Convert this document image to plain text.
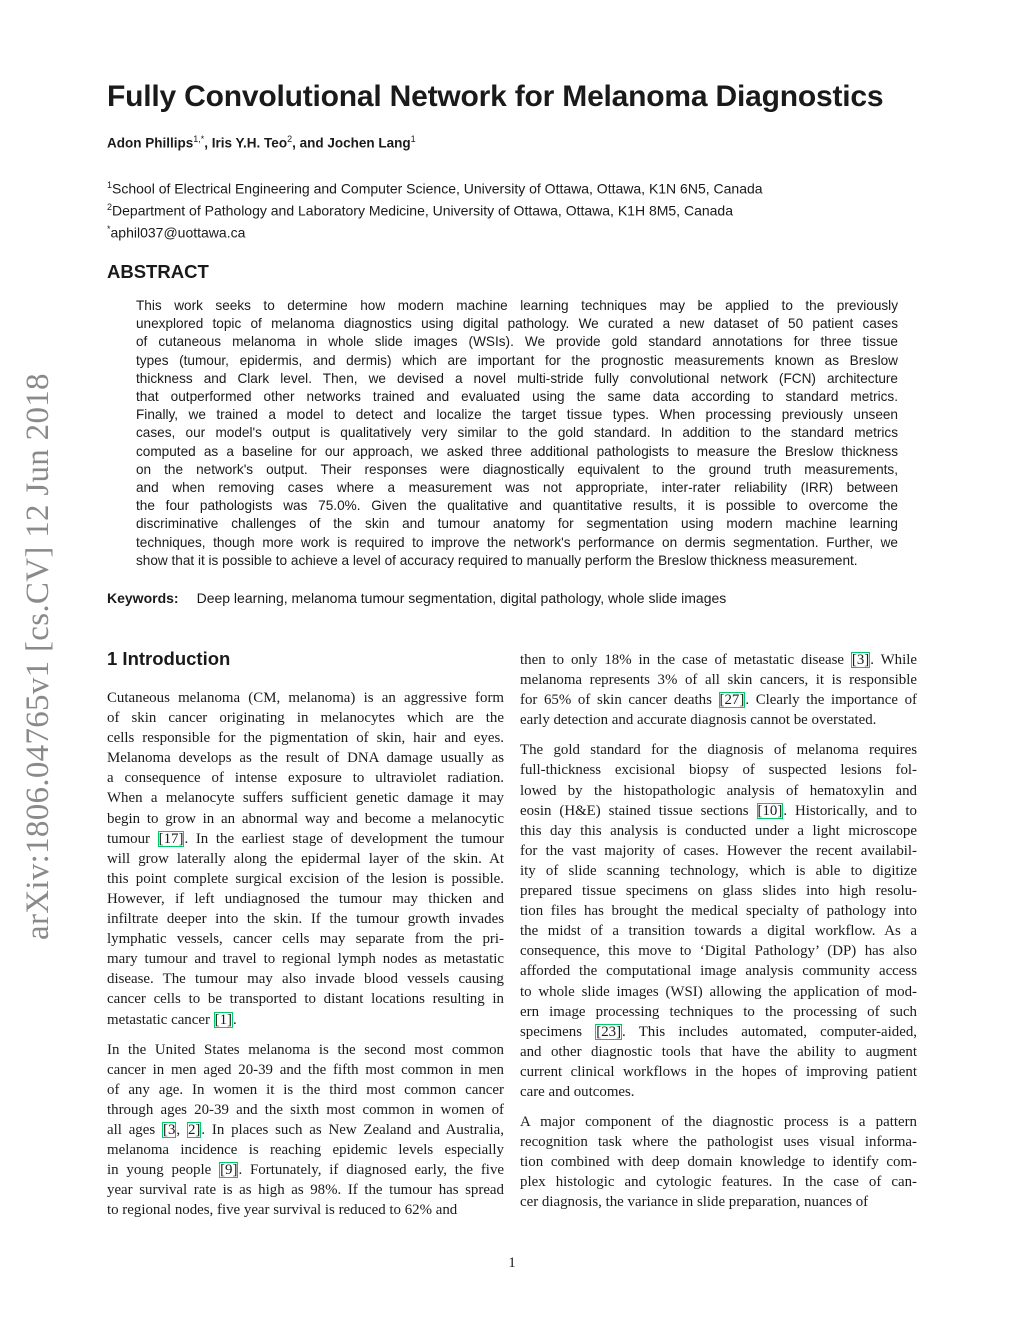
arXiv:1806.04765v1 [cs.CV] 12 Jun 2018
Fully Convolutional Network for Melanoma Diagnostics
Adon Phillips$^{1,*}$, Iris Y.H. Teo$^2$, and Jochen Lang$^1$
$^1$School of Electrical Engineering and Computer Science, University of Ottawa, Ottawa, K1N 6N5, Canada
$^2$Department of Pathology and Laboratory Medicine, University of Ottawa, Ottawa, K1H 8M5, Canada
*aphil037@uottawa.ca
ABSTRACT
This work seeks to determine how modern machine learning techniques may be applied to the previously
unexplored topic of melanoma diagnostics using digital pathology. We curated a new dataset of 50 patient cases
of cutaneous melanoma in whole slide images (WSIs). We provide gold standard annotations for three tissue
types (tumour, epidermis, and dermis) which are important for the prognostic measurements known as Breslow
thickness and Clark level. Then, we devised a novel multi-stride fully convolutional network (FCN) architecture
that outperformed other networks trained and evaluated using the same data according to standard metrics.
Finally, we trained a model to detect and localize the target tissue types. When processing previously unseen
cases, our model's output is qualitatively very similar to the gold standard. In addition to the standard metrics
computed as a baseline for our approach, we asked three additional pathologists to measure the Breslow thickness
on the network's output. Their responses were diagnostically equivalent to the ground truth measurements,
and when removing cases where a measurement was not appropriate, inter-rater reliability (IRR) between
the four pathologists was 75.0%. Given the qualitative and quantitative results, it is possible to overcome the
discriminative challenges of the skin and tumour anatomy for segmentation using modern machine learning
techniques, though more work is required to improve the network's performance on dermis segmentation. Further, we
show that it is possible to achieve a level of accuracy required to manually perform the Breslow thickness measurement.
Keywords: Deep learning, melanoma tumour segmentation, digital pathology, whole slide images
1 Introduction
Cutaneous melanoma (CM, melanoma) is an aggressive form
of skin cancer originating in melanocytes which are the
cells responsible for the pigmentation of skin, hair and eyes.
Melanoma develops as the result of DNA damage usually as
a consequence of intense exposure to ultraviolet radiation.
When a melanocyte suffers sufficient genetic damage it may
begin to grow in an abnormal way and become a melanocytic
tumour [17]. In the earliest stage of development the tumour
will grow laterally along the epidermal layer of the skin. At
this point complete surgical excision of the lesion is possible.
However, if left undiagnosed the tumour may thicken and
infiltrate deeper into the skin. If the tumour growth invades
lymphatic vessels, cancer cells may separate from the pri-
mary tumour and travel to regional lymph nodes as metastatic
disease. The tumour may also invade blood vessels causing
cancer cells to be transported to distant locations resulting in
metastatic cancer [1].
In the United States melanoma is the second most common
cancer in men aged 20-39 and the fifth most common in men
of any age. In women it is the third most common cancer
through ages 20-39 and the sixth most common in women of
all ages [3, 2]. In places such as New Zealand and Australia,
melanoma incidence is reaching epidemic levels especially
in young people [9]. Fortunately, if diagnosed early, the five
year survival rate is as high as 98%. If the tumour has spread
to regional nodes, five year survival is reduced to 62% and
then to only 18% in the case of metastatic disease [3]. While
melanoma represents 3% of all skin cancers, it is responsible
for 65% of skin cancer deaths [27]. Clearly the importance of
early detection and accurate diagnosis cannot be overstated.
The gold standard for the diagnosis of melanoma requires
full-thickness excisional biopsy of suspected lesions fol-
lowed by the histopathologic analysis of hematoxylin and
eosin (H&E) stained tissue sections [10]. Historically, and to
this day this analysis is conducted under a light microscope
for the vast majority of cases. However the recent availabil-
ity of slide scanning technology, which is able to digitize
prepared tissue specimens on glass slides into high resolu-
tion files has brought the medical specialty of pathology into
the midst of a transition towards a digital workflow. As a
consequence, this move to ‘Digital Pathology’ (DP) has also
afforded the computational image analysis community access
to whole slide images (WSI) allowing the application of mod-
ern image processing techniques to the processing of such
specimens [23]. This includes automated, computer-aided,
and other diagnostic tools that have the ability to augment
current clinical workflows in the hopes of improving patient
care and outcomes.
A major component of the diagnostic process is a pattern
recognition task where the pathologist uses visual informa-
tion combined with deep domain knowledge to identify com-
plex histologic and cytologic features. In the case of can-
cer diagnosis, the variance in slide preparation, nuances of
1
